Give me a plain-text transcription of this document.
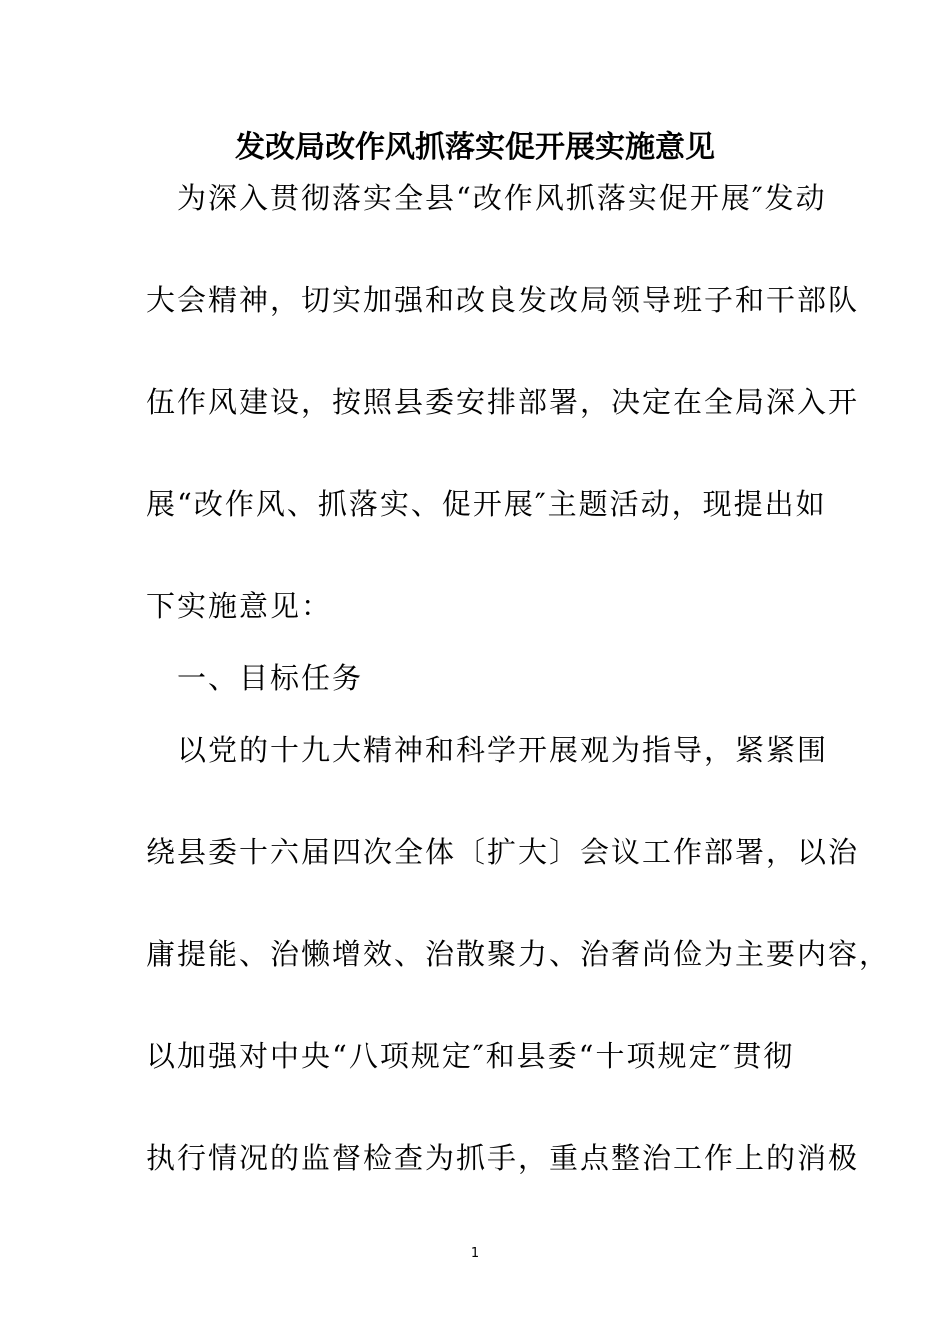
发改局改作风抓落实促开展实施意见
　为深入贯彻落实全县“改作风抓落实促开展″发动
大会精神，切实加强和改良发改局领导班子和干部队
伍作风建设，按照县委安排部署，决定在全局深入开
展“改作风、抓落实、促开展″主题活动，现提出如
下实施意见：
　一、目标任务
　以党的十九大精神和科学开展观为指导，紧紧围
绕县委十六届四次全体〔扩大〕会议工作部署，以治
庸提能、治懒增效、治散聚力、治奢尚俭为主要内容，
以加强对中央“八项规定″和县委“十项规定″贯彻
执行情况的监督检查为抓手，重点整治工作上的消极
1
